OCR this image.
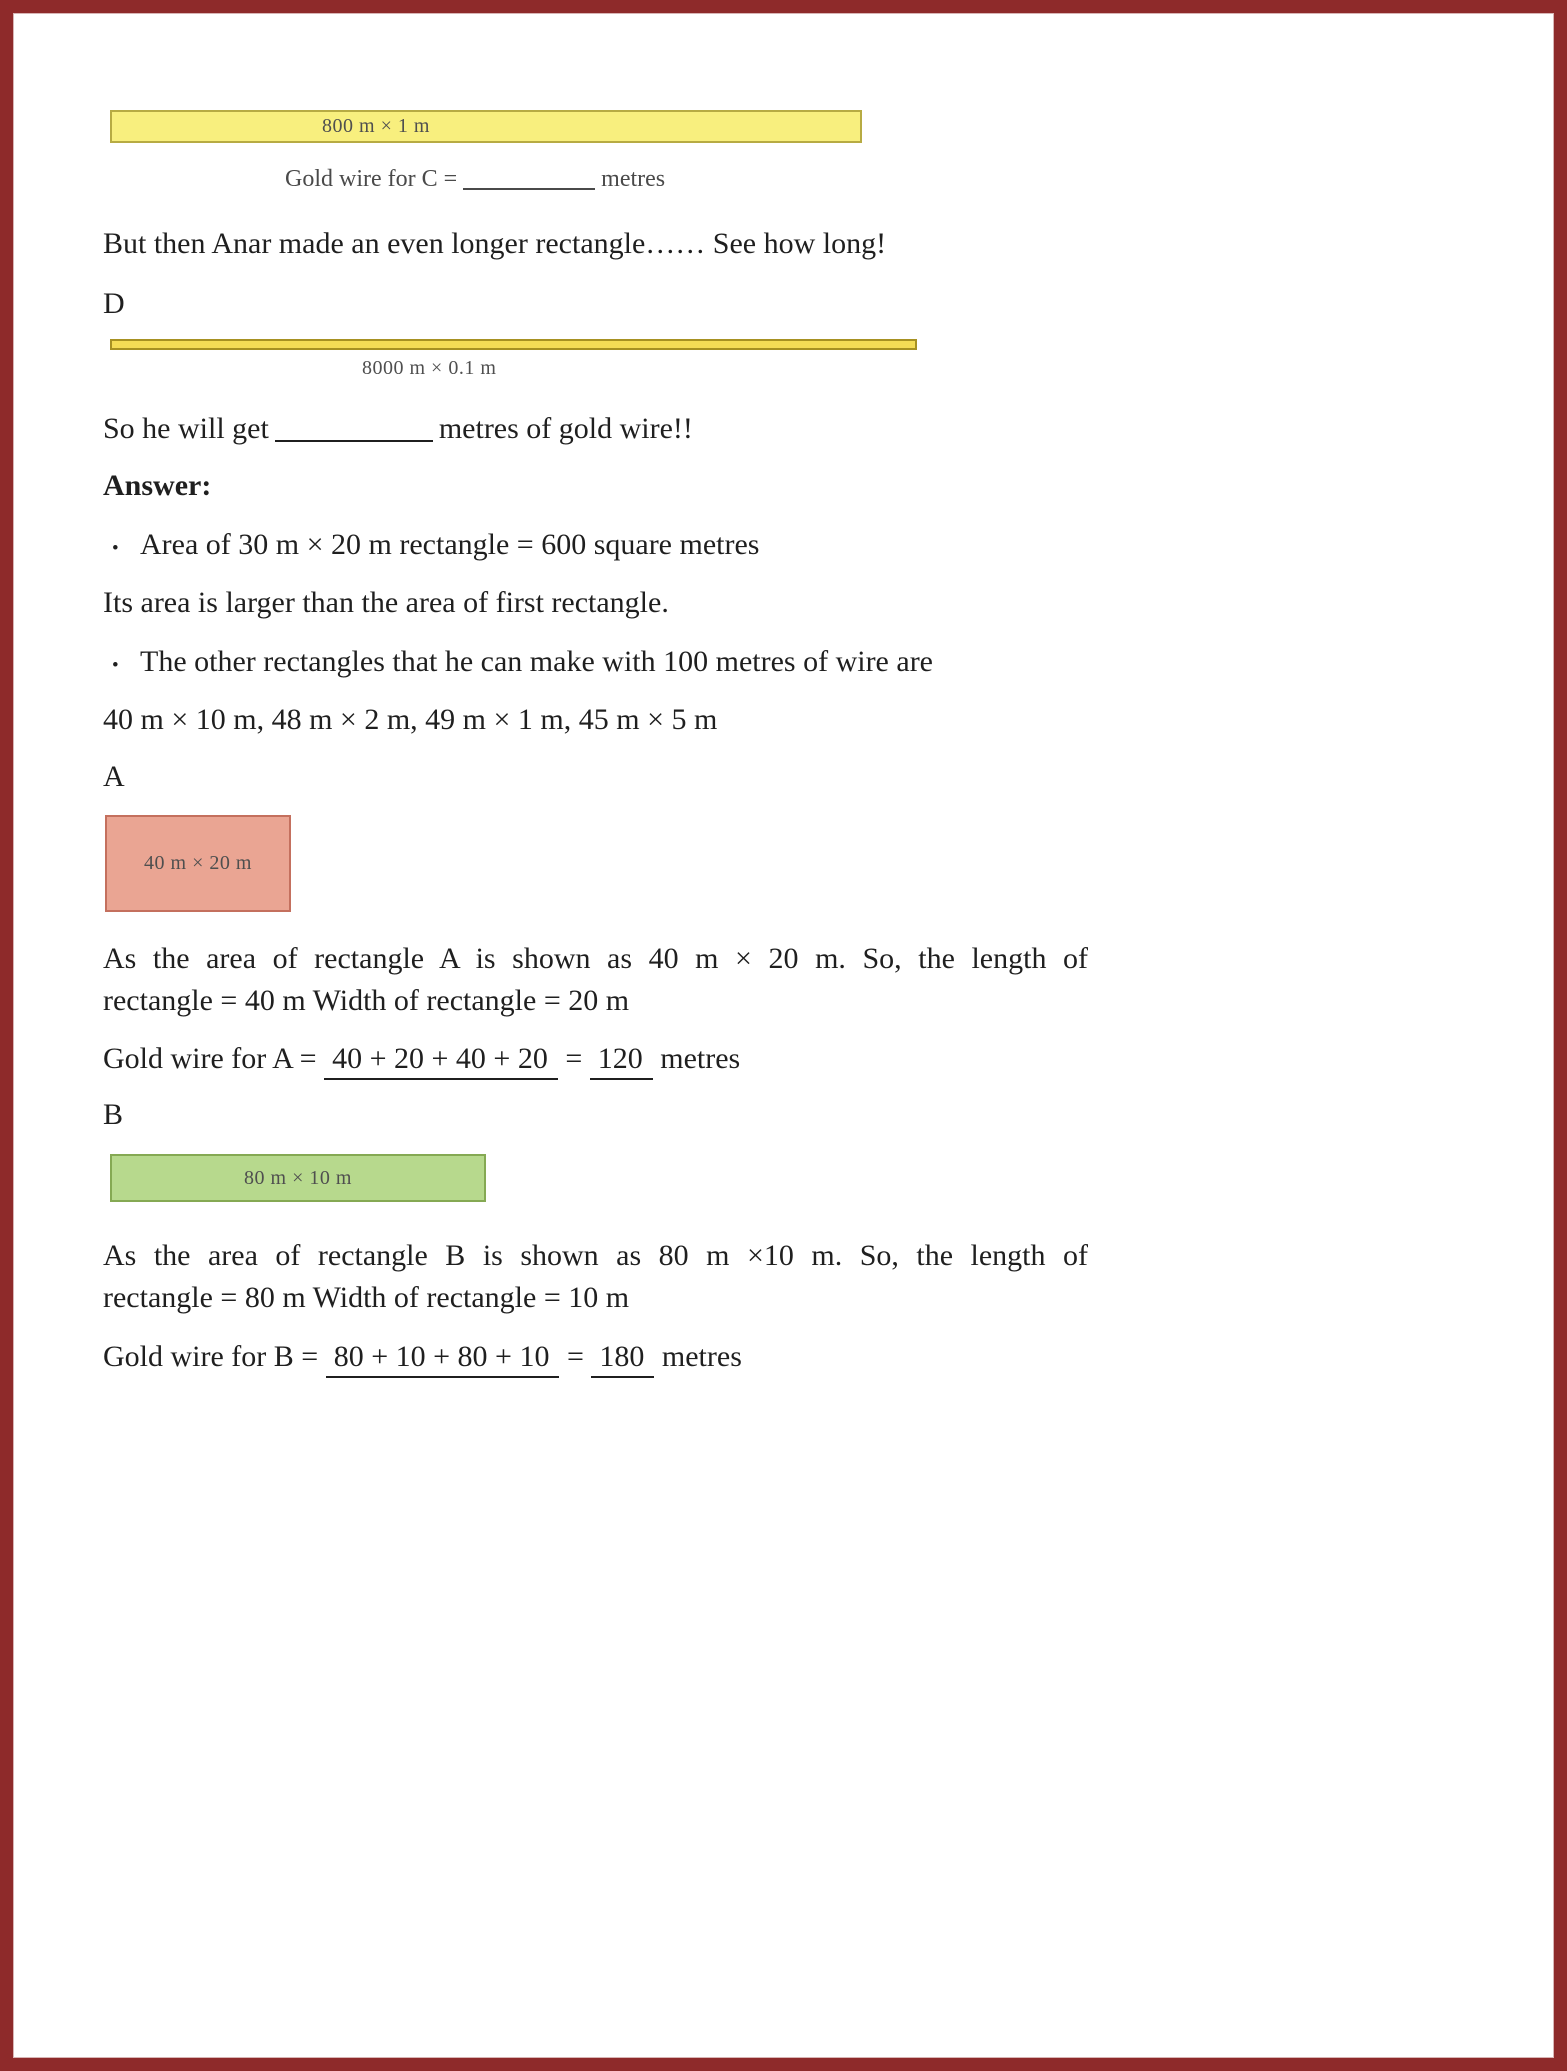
800 m × 1 m
Gold wire for C =	metres
But then Anar made an even longer rectangle…… See how long!
D
8000 m × 0.1 m
So he will get	metres of gold wire!!
Answer:
• Area of 30 m × 20 m rectangle = 600 square metres
Its area is larger than the area of first rectangle.
• The other rectangles that he can make with 100 metres of wire are
40 m × 10 m, 48 m × 2 m, 49 m × 1 m, 45 m × 5 m
A
40 m × 20 m
As the area of rectangle A is shown as 40 m × 20 m. So, the length of
rectangle = 40 m Width of rectangle = 20 m
Gold wire for A = 40 + 20 + 40 + 20 = 120 metres
B
80 m × 10 m
As the area of rectangle B is shown as 80 m ×10 m. So, the length of
rectangle = 80 m Width of rectangle = 10 m
Gold wire for B = 80 + 10 + 80 + 10 = 180 metres
